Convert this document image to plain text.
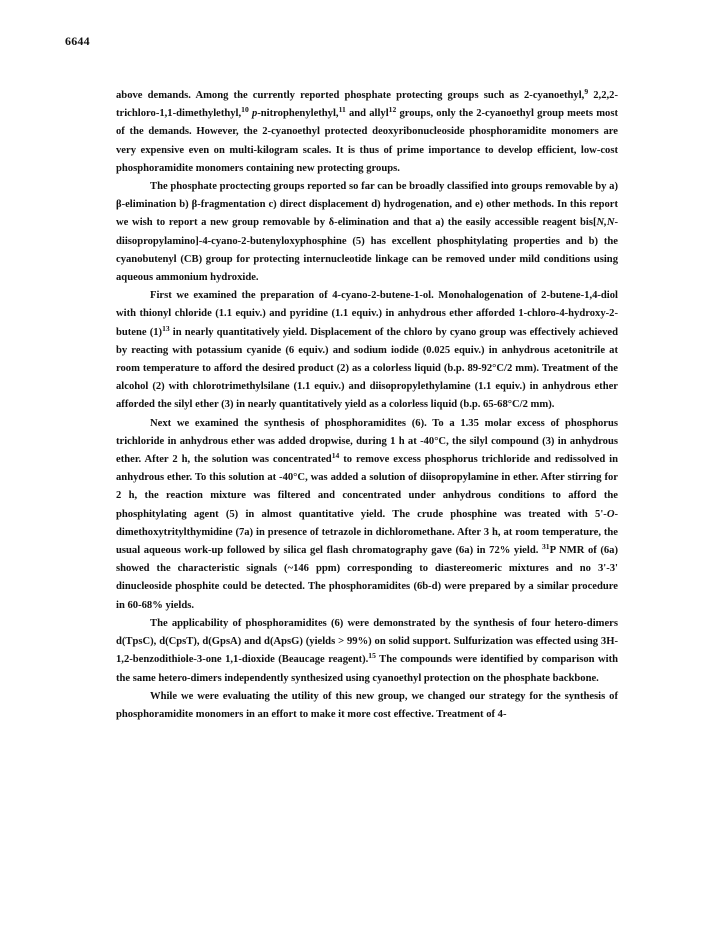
6644

above demands. Among the currently reported phosphate protecting groups such as 2-cyanoethyl,$^9$ 2,2,2-trichloro-1,1-dimethylethyl,$^{10}$ p-nitrophenylethyl,$^{11}$ and allyl$^{12}$ groups, only the 2-cyanoethyl group meets most of the demands. However, the 2-cyanoethyl protected deoxyribonucleoside phosphoramidite monomers are very expensive even on multi-kilogram scales. It is thus of prime importance to develop efficient, low-cost phosphoramidite monomers containing new protecting groups.

The phosphate proctecting groups reported so far can be broadly classified into groups removable by a) β-elimination b) β-fragmentation c) direct displacement d) hydrogenation, and e) other methods. In this report we wish to report a new group removable by δ-elimination and that a) the easily accessible reagent bis[N,N-diisopropylamino]-4-cyano-2-butenyloxyphosphine (5) has excellent phosphitylating properties and b) the cyanobutenyl (CB) group for protecting internucleotide linkage can be removed under mild conditions using aqueous ammonium hydroxide.

First we examined the preparation of 4-cyano-2-butene-1-ol. Monohalogenation of 2-butene-1,4-diol with thionyl chloride (1.1 equiv.) and pyridine (1.1 equiv.) in anhydrous ether afforded 1-chloro-4-hydroxy-2-butene $(1)^{13}$ in nearly quantitatively yield. Displacement of the chloro by cyano group was effectively achieved by reacting with potassium cyanide (6 equiv.) and sodium iodide (0.025 equiv.) in anhydrous acetonitrile at room temperature to afford the desired product (2) as a colorless liquid (b.p. 89-92°C/2 mm). Treatment of the alcohol (2) with chlorotrimethylsilane (1.1 equiv.) and diisopropylethylamine (1.1 equiv.) in anhydrous ether afforded the silyl ether (3) in nearly quantitatively yield as a colorless liquid (b.p. 65-68°C/2 mm).

Next we examined the synthesis of phosphoramidites (6). To a 1.35 molar excess of phosphorus trichloride in anhydrous ether was added dropwise, during 1 h at -40°C, the silyl compound (3) in anhydrous ether. After 2 h, the solution was concentrated$^{14}$ to remove excess phosphorus trichloride and redissolved in anhydrous ether. To this solution at -40°C, was added a solution of diisopropylamine in ether. After stirring for 2 h, the reaction mixture was filtered and concentrated under anhydrous conditions to afford the phosphitylating agent (5) in almost quantitative yield. The crude phosphine was treated with 5'-O-dimethoxytritylthymidine (7a) in presence of tetrazole in dichloromethane. After 3 h, at room temperature, the usual aqueous work-up followed by silica gel flash chromatography gave (6a) in 72% yield. $^{31}$P NMR of (6a) showed the characteristic signals (~146 ppm) corresponding to diastereomeric mixtures and no 3'-3' dinucleoside phosphite could be detected. The phosphoramidites (6b-d) were prepared by a similar procedure in 60-68% yields.

The applicability of phosphoramidites (6) were demonstrated by the synthesis of four hetero-dimers d(TpsC), d(CpsT), d(GpsA) and d(ApsG) (yields > 99%) on solid support. Sulfurization was effected using 3H-1,2-benzodithiole-3-one 1,1-dioxide (Beaucage reagent).$^{15}$ The compounds were identified by comparison with the same hetero-dimers independently synthesized using cyanoethyl protection on the phosphate backbone.

While we were evaluating the utility of this new group, we changed our strategy for the synthesis of phosphoramidite monomers in an effort to make it more cost effective. Treatment of 4-
